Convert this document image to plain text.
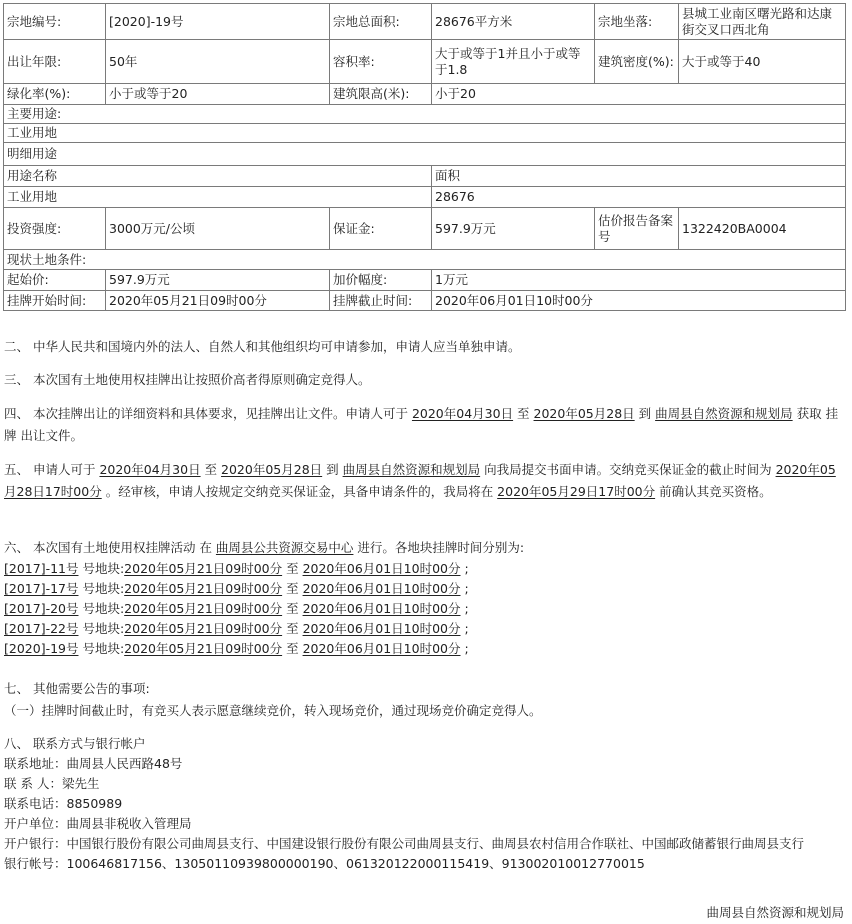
宗地编号:	[2020]-19号	宗地总面积:	28676平方米	宗地坐落:	县城工业南区曙光路和达康街交叉口西北角
出让年限:	50年	容积率:	大于或等于1并且小于或等于1.8	建筑密度(%):	大于或等于40
绿化率(%):	小于或等于20	建筑限高(米):	小于20		
主要用途:					
工业用地					
明细用途					
用途名称			面积		
工业用地			28676		
投资强度:	3000万元/公顷	保证金:	597.9万元	估价报告备案号	1322420BA0004
现状土地条件:					
起始价:	597.9万元	加价幅度:	1万元		
挂牌开始时间:	2020年05月21日09时00分	挂牌截止时间:	2020年06月01日10时00分		
二、 中华人民共和国境内外的法人、自然人和其他组织均可申请参加，申请人应当单独申请。
三、 本次国有土地使用权挂牌出让按照价高者得原则确定竞得人。
四、 本次挂牌出让的详细资料和具体要求，见挂牌出让文件。申请人可于 2020年04月30日 至 2020年05月28日 到 曲周县自然资源和规划局 获取 挂牌 出让文件。
五、 申请人可于 2020年04月30日 至 2020年05月28日 到 曲周县自然资源和规划局 向我局提交书面申请。交纳竞买保证金的截止时间为 2020年05月28日17时00分 。经审核，申请人按规定交纳竞买保证金，具备申请条件的，我局将在 2020年05月29日17时00分 前确认其竞买资格。
六、 本次国有土地使用权挂牌活动 在 曲周县公共资源交易中心 进行。各地块挂牌时间分别为:
[2017]-11号 号地块:2020年05月21日09时00分 至 2020年06月01日10时00分 ;
[2017]-17号 号地块:2020年05月21日09时00分 至 2020年06月01日10时00分 ;
[2017]-20号 号地块:2020年05月21日09时00分 至 2020年06月01日10时00分 ;
[2017]-22号 号地块:2020年05月21日09时00分 至 2020年06月01日10时00分 ;
[2020]-19号 号地块:2020年05月21日09时00分 至 2020年06月01日10时00分 ;
七、 其他需要公告的事项:
（一）挂牌时间截止时，有竞买人表示愿意继续竞价，转入现场竞价，通过现场竞价确定竞得人。
八、 联系方式与银行帐户
联系地址：曲周县人民西路48号
联 系 人：梁先生
联系电话：8850989
开户单位：曲周县非税收入管理局
开户银行：中国银行股份有限公司曲周县支行、中国建设银行股份有限公司曲周县支行、曲周县农村信用合作联社、中国邮政储蓄银行曲周县支行
银行帐号：100646817156、13050110939800000190、061320122000115419、913002010012770015
曲周县自然资源和规划局
